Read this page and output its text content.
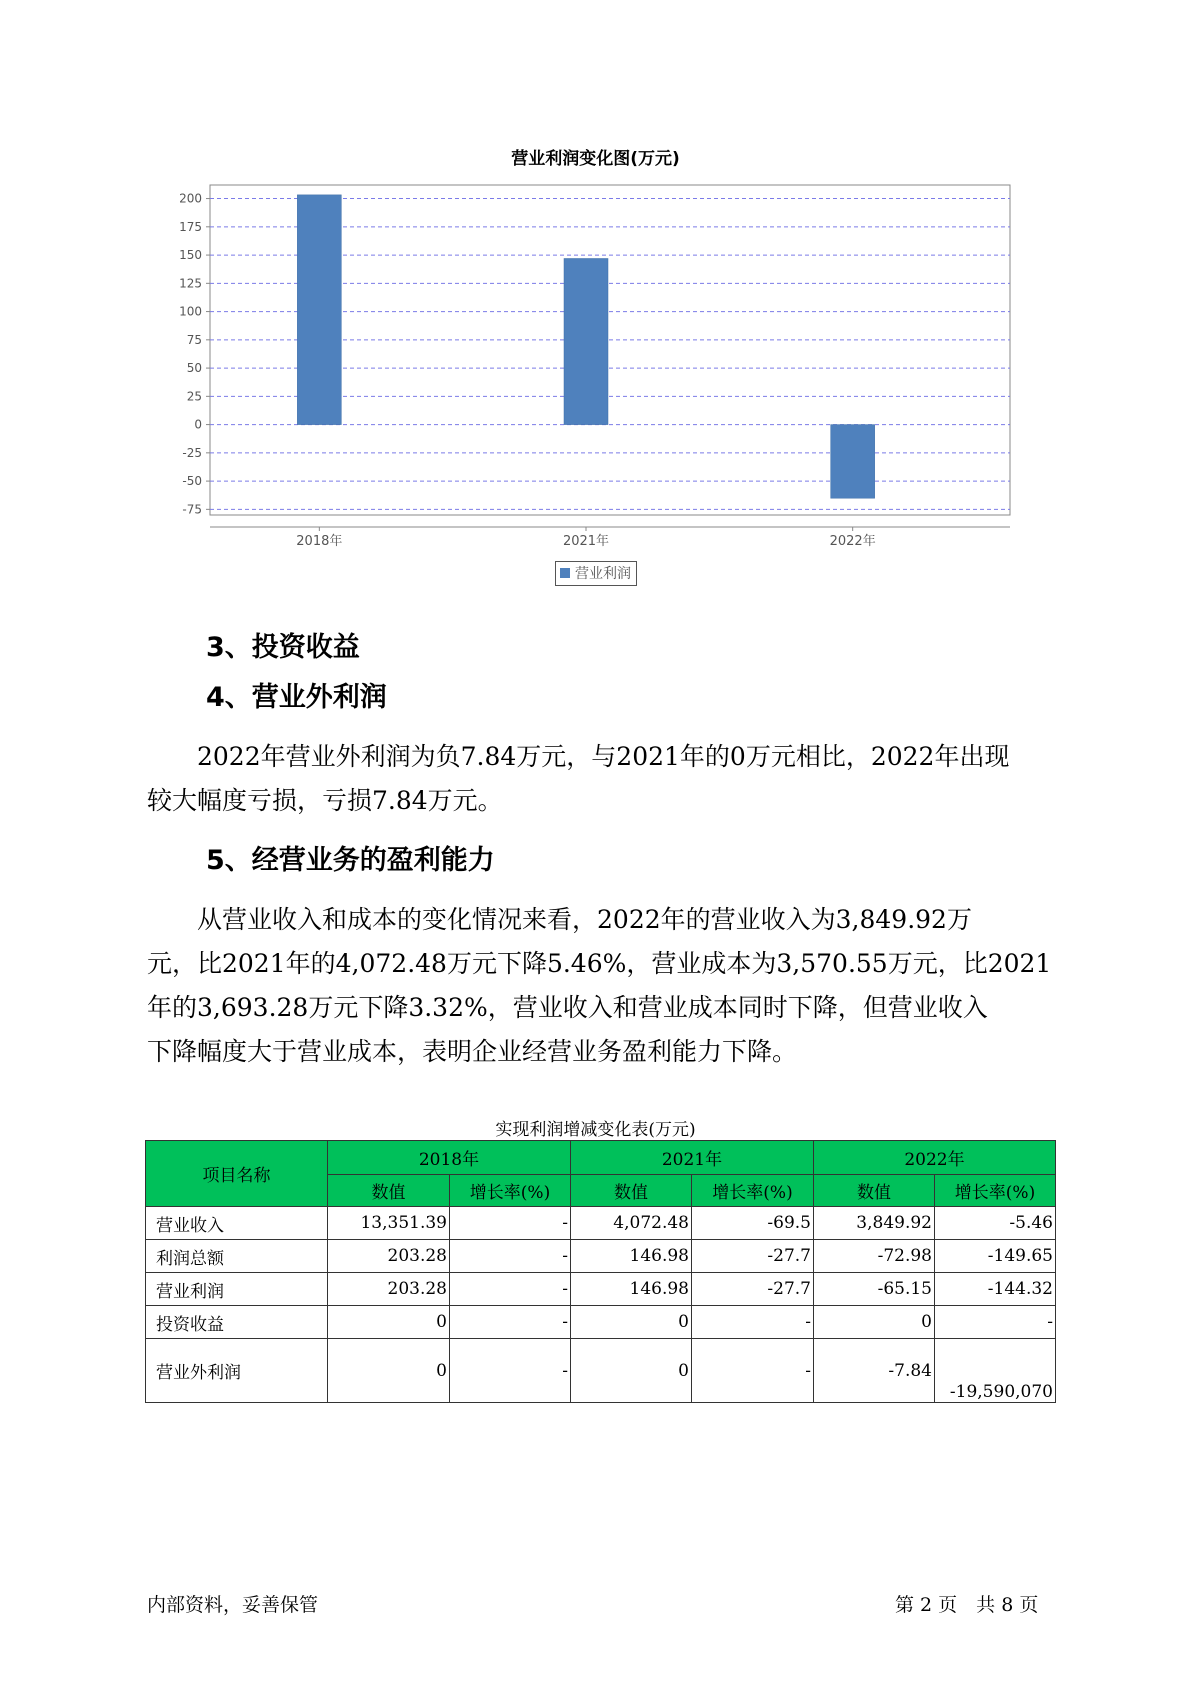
营业利润变化图(万元)
200
175
150
125
100
75
50
25
0
-25
-50
-75
2018年	2021年	2022年
营业利润
3、投资收益
4、营业外利润
2022年营业外利润为负7.84万元，与2021年的0万元相比，2022年出现
较大幅度亏损，亏损7.84万元。
5、经营业务的盈利能力
从营业收入和成本的变化情况来看，2022年的营业收入为3,849.92万
元，比2021年的4,072.48万元下降5.46%，营业成本为3,570.55万元，比2021
年的3,693.28万元下降3.32%，营业收入和营业成本同时下降，但营业收入
下降幅度大于营业成本，表明企业经营业务盈利能力下降。
实现利润增减变化表(万元)
项目名称	2018年		2021年		2022年	
	数值	增长率(%)	数值	增长率(%)	数值	增长率(%)
营业收入	13,351.39	-	4,072.48	-69.5	3,849.92	-5.46
利润总额	203.28	-	146.98	-27.7	-72.98	-149.65
营业利润	203.28	-	146.98	-27.7	-65.15	-144.32
投资收益	0	-	0	-	0	-
营业外利润	0	-	0	-	-7.84	-19,590,070
内部资料，妥善保管	第 2 页　共 8 页
